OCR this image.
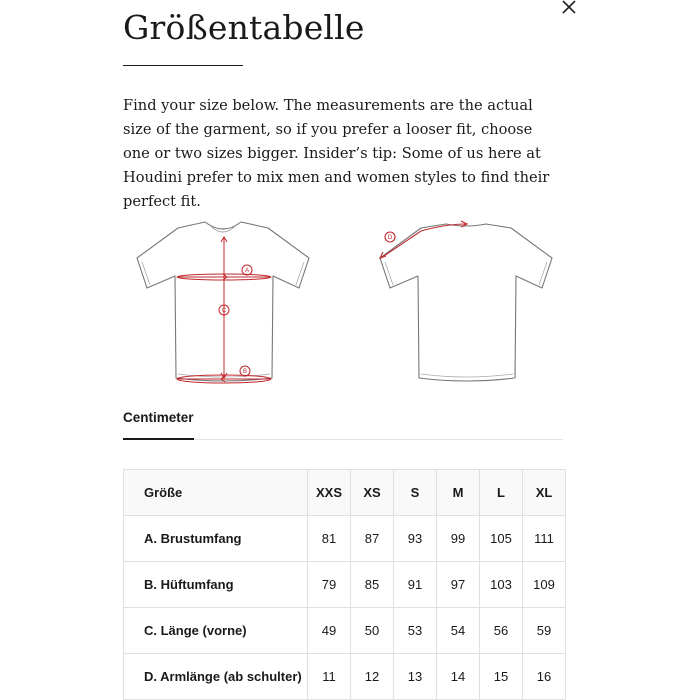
Größentabelle

Find your size below. The measurements are the actual size of the garment, so if you prefer a looser fit, choose one or two sizes bigger. Insider’s tip: Some of us here at Houdini prefer to mix men and women styles to find their perfect fit.

A
C
B
D
Centimeter
Größe	XXS	XS	S	M	L	XL
A. Brustumfang	81	87	93	99	105	111
B. Hüftumfang	79	85	91	97	103	109
C. Länge (vorne)	49	50	53	54	56	59
D. Armlänge (ab schulter)	11	12	13	14	15	16
